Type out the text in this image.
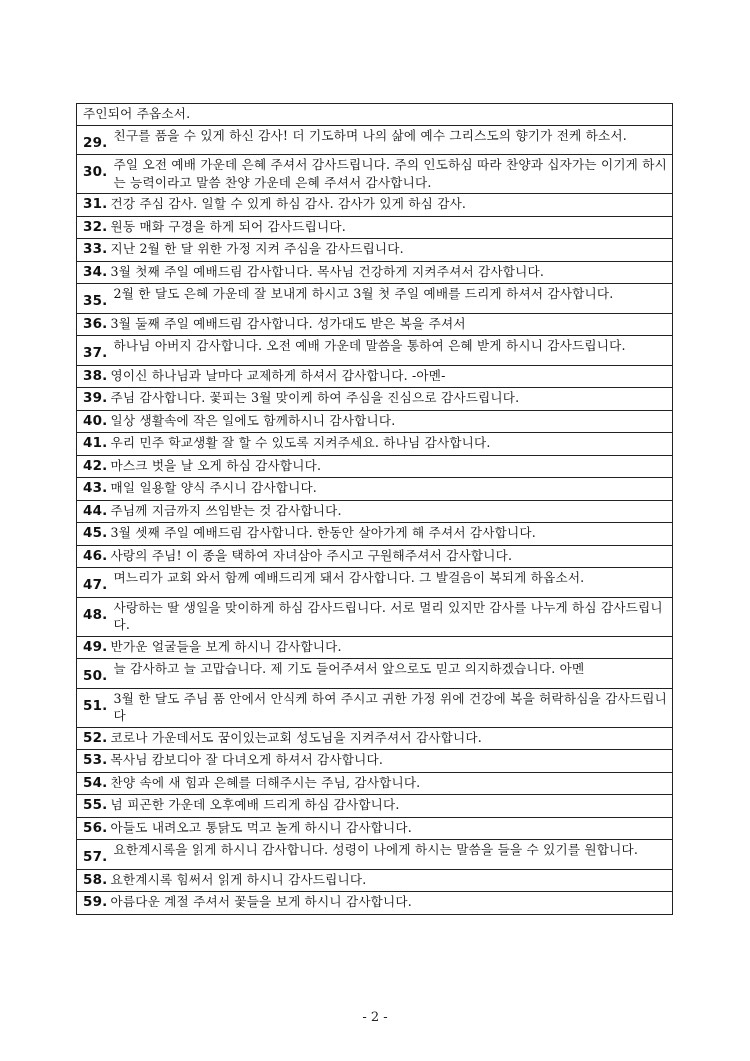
주인되어 주옵소서.

29. 친구를 품을 수 있게 하신 감사! 더 기도하며 나의 삶에 예수 그리스도의 향기가 전케 하소서.

30. 주일 오전 예배 가운데 은혜 주셔서 감사드립니다. 주의 인도하심 따라 찬양과 십자가는 이기게 하시는 능력이라고 말씀 찬양 가운데 은혜 주셔서 감사합니다.

31. 건강 주심 감사. 일할 수 있게 하심 감사. 감사가 있게 하심 감사.
32. 원동 매화 구경을 하게 되어 감사드립니다.
33. 지난 2월 한 달 위한 가정 지켜 주심을 감사드립니다.
34. 3월 첫째 주일 예배드림 감사합니다. 목사님 건강하게 지켜주셔서 감사합니다.

35. 2월 한 달도 은혜 가운데 잘 보내게 하시고 3월 첫 주일 예배를 드리게 하셔서 감사합니다.

36. 3월 둘째 주일 예배드림 감사합니다. 성가대도 받은 복을 주셔서

37. 하나님 아버지 감사합니다. 오전 예배 가운데 말씀을 통하여 은혜 받게 하시니 감사드립니다.

38. 영이신 하나님과 날마다 교제하게 하셔서 감사합니다. -아멘-
39. 주님 감사합니다. 꽃피는 3월 맞이케 하여 주심을 진심으로 감사드립니다.
40. 일상 생활속에 작은 일에도 함께하시니 감사합니다.
41. 우리 민주 학교생활 잘 할 수 있도록 지켜주세요. 하나님 감사합니다.
42. 마스크 벗을 날 오게 하심 감사합니다.
43. 매일 일용할 양식 주시니 감사합니다.
44. 주님께 지금까지 쓰임받는 것 감사합니다.
45. 3월 셋째 주일 예배드림 감사합니다. 한동안 살아가게 해 주셔서 감사합니다.
46. 사랑의 주님! 이 종을 택하여 자녀삼아 주시고 구원해주셔서 감사합니다.

47. 며느리가 교회 와서 함께 예배드리게 돼서 감사합니다. 그 발걸음이 복되게 하옵소서.

48. 사랑하는 딸 생일을 맞이하게 하심 감사드립니다. 서로 멀리 있지만 감사를 나누게 하심 감사드립니다.

49. 반가운 얼굴들을 보게 하시니 감사합니다.

50. 늘 감사하고 늘 고맙습니다. 제 기도 들어주셔서 앞으로도 믿고 의지하겠습니다. 아멘

51. 3월 한 달도 주님 품 안에서 안식케 하여 주시고 귀한 가정 위에 건강에 복을 허락하심을 감사드립니다

52. 코로나 가운데서도 꿈이있는교회 성도님을 지켜주셔서 감사합니다.
53. 목사님 캄보디아 잘 다녀오게 하셔서 감사합니다.
54. 찬양 속에 새 힘과 은혜를 더해주시는 주님, 감사합니다.
55. 넘 피곤한 가운데 오후예배 드리게 하심 감사합니다.
56. 아들도 내려오고 통닭도 먹고 놀게 하시니 감사합니다.

57. 요한계시록을 읽게 하시니 감사합니다. 성령이 나에게 하시는 말씀을 들을 수 있기를 원합니다.

58. 요한계시록 힘써서 읽게 하시니 감사드립니다.
59. 아름다운 계절 주셔서 꽃들을 보게 하시니 감사합니다.
- 2 -
